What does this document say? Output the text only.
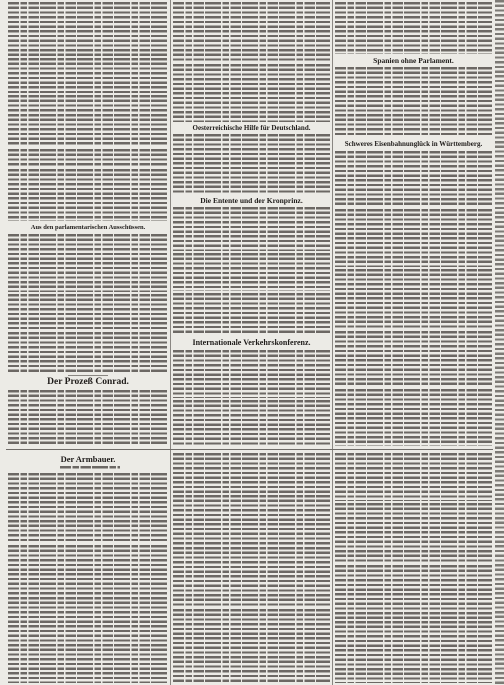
Aus den parlamentarischen Ausschüssen.
Der Prozeß Conrad.
Der Armbauer.
Oesterreichische Hilfe für Deutschland.
Die Entente und der Kronprinz.
Internationale Verkehrskonferenz.
Spanien ohne Parlament.
Schweres Eisenbahnunglück in Württemberg.
